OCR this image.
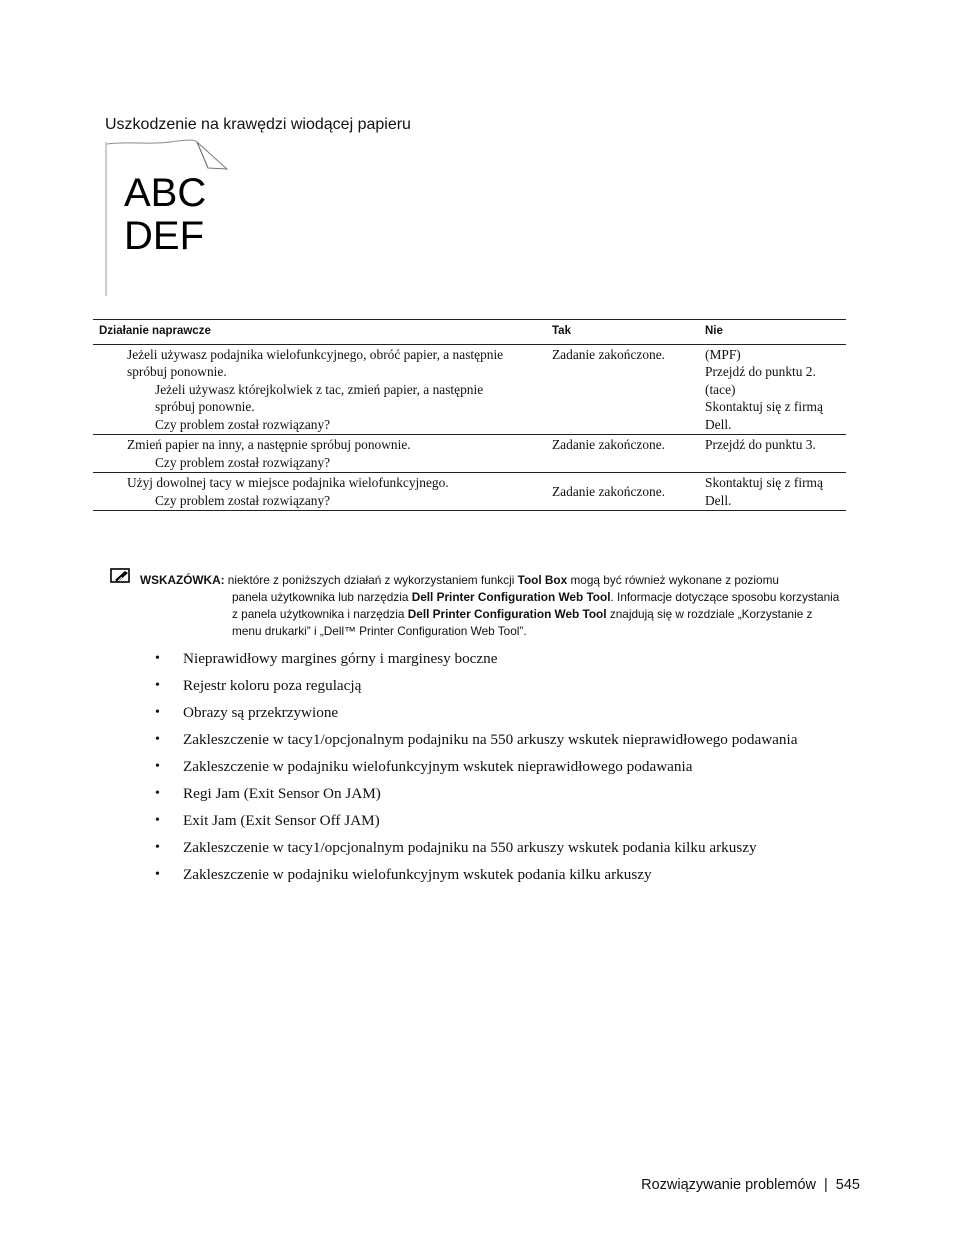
Uszkodzenie na krawędzi wiodącej papieru
ABC
DEF
Działanie naprawcze	Tak	Nie

Jeżeli używasz podajnika wielofunkcyjnego, obróć papier, a następnie
spróbuj ponownie.
Jeżeli używasz którejkolwiek z tac, zmień papier, a następnie
spróbuj ponownie.
Czy problem został rozwiązany?	Zadanie zakończone.	(MPF)
Przejdź do punktu 2.
(tace)
Skontaktuj się z firmą
Dell.

Zmień papier na inny, a następnie spróbuj ponownie.
Czy problem został rozwiązany?	Zadanie zakończone.	Przejdź do punktu 3.

Użyj dowolnej tacy w miejsce podajnika wielofunkcyjnego.
Czy problem został rozwiązany?	Zadanie zakończone.	Skontaktuj się z firmą
Dell.
WSKAZÓWKA: niektóre z poniższych działań z wykorzystaniem funkcji Tool Box mogą być również wykonane z poziomu
panela użytkownika lub narzędzia Dell Printer Configuration Web Tool. Informacje dotyczące sposobu korzystania z panela użytkownika i narzędzia Dell Printer Configuration Web Tool znajdują się w rozdziale „Korzystanie z menu drukarki” i „Dell™ Printer Configuration Web Tool”.
• Nieprawidłowy margines górny i marginesy boczne
• Rejestr koloru poza regulacją
• Obrazy są przekrzywione
• Zakleszczenie w tacy1/opcjonalnym podajniku na 550 arkuszy wskutek nieprawidłowego podawania
• Zakleszczenie w podajniku wielofunkcyjnym wskutek nieprawidłowego podawania
• Regi Jam (Exit Sensor On JAM)
• Exit Jam (Exit Sensor Off JAM)
• Zakleszczenie w tacy1/opcjonalnym podajniku na 550 arkuszy wskutek podania kilku arkuszy
• Zakleszczenie w podajniku wielofunkcyjnym wskutek podania kilku arkuszy
Rozwiązywanie problemów | 545
